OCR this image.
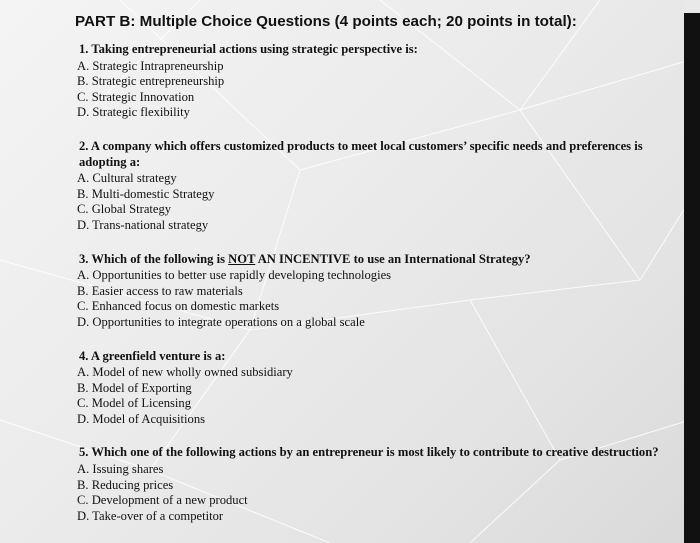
PART B: Multiple Choice Questions (4 points each; 20 points in total):
1. Taking entrepreneurial actions using strategic perspective is:
A. Strategic Intrapreneurship
B. Strategic entrepreneurship
C. Strategic Innovation
D. Strategic flexibility
2. A company which offers customized products to meet local customers’ specific needs and preferences is adopting a:
A. Cultural strategy
B. Multi-domestic Strategy
C. Global Strategy
D. Trans-national strategy
3. Which of the following is NOT AN INCENTIVE to use an International Strategy?
A. Opportunities to better use rapidly developing technologies
B. Easier access to raw materials
C. Enhanced focus on domestic markets
D. Opportunities to integrate operations on a global scale
4. A greenfield venture is a:
A. Model of new wholly owned subsidiary
B. Model of Exporting
C. Model of Licensing
D. Model of Acquisitions
5. Which one of the following actions by an entrepreneur is most likely to contribute to creative destruction?
A. Issuing shares
B. Reducing prices
C. Development of a new product
D. Take-over of a competitor
